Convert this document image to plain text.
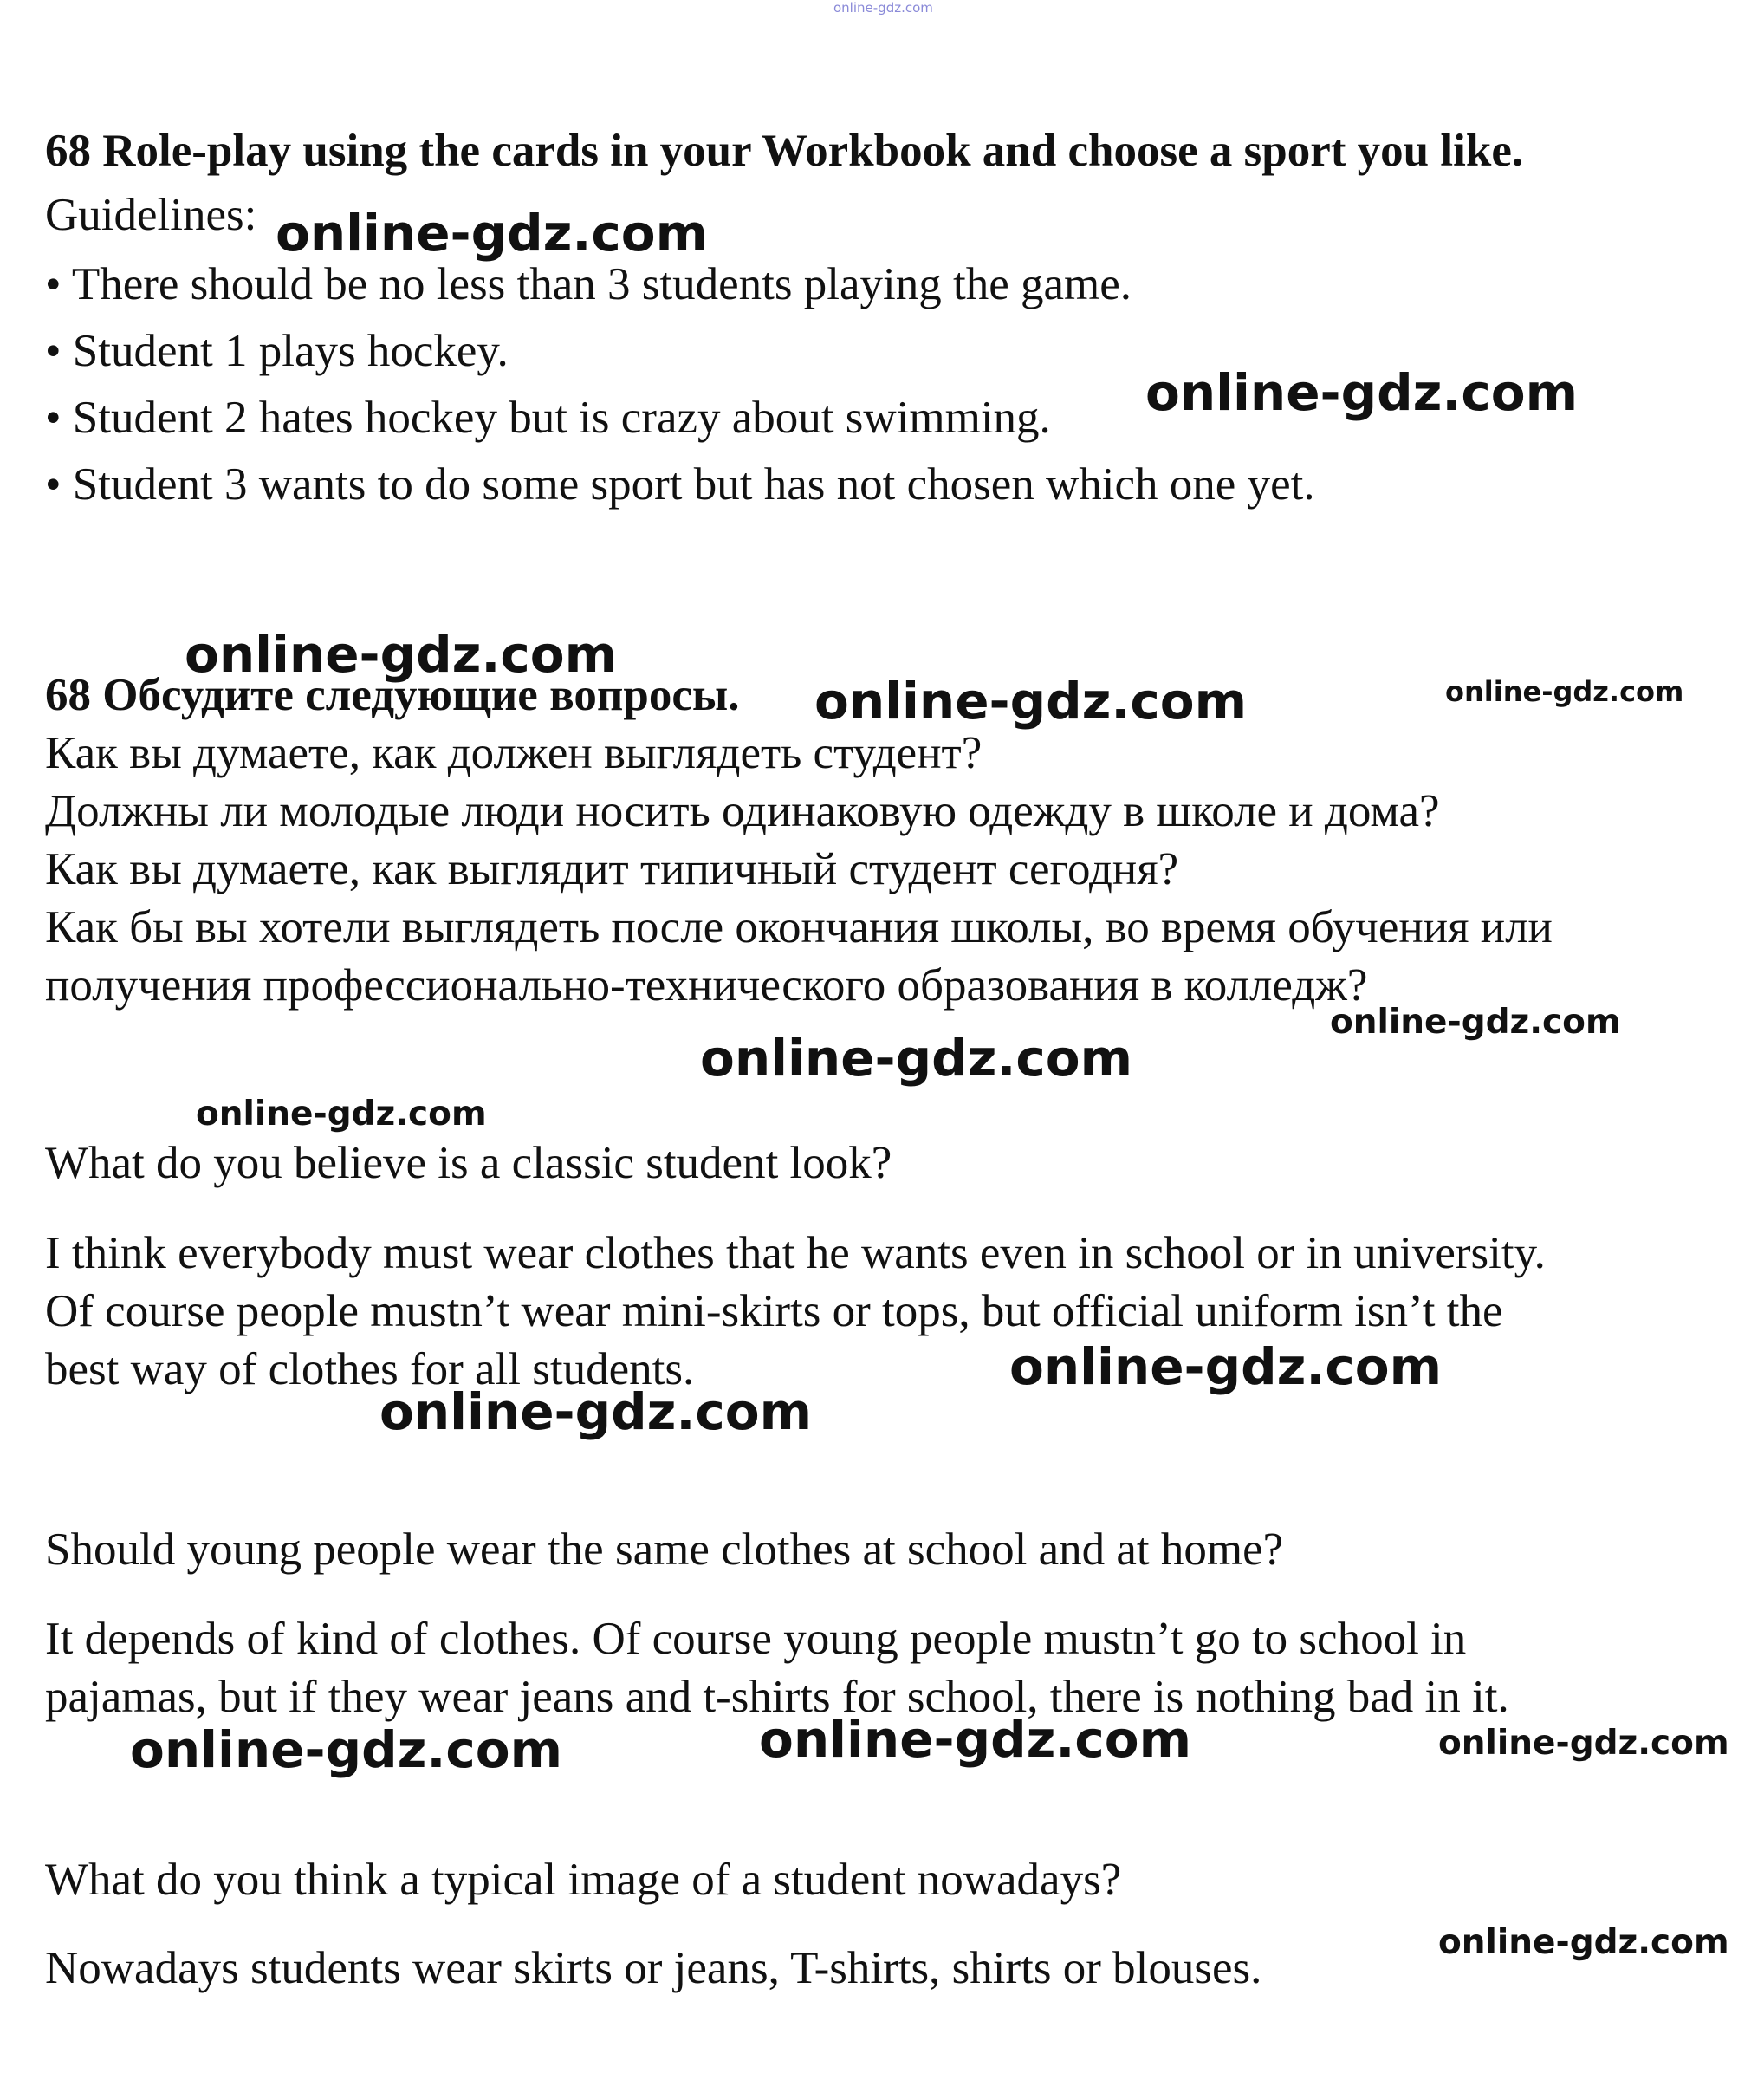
online-gdz.com
68 Role-play using the cards in your Workbook and choose a sport you like.
Guidelines:
• There should be no less than 3 students playing the game.
• Student 1 plays hockey.
• Student 2 hates hockey but is crazy about swimming.
• Student 3 wants to do some sport but has not chosen which one yet.
68 Обсудите следующие вопросы.
Как вы думаете, как должен выглядеть студент?
Должны ли молодые люди носить одинаковую одежду в школе и дома?
Как вы думаете, как выглядит типичный студент сегодня?
Как бы вы хотели выглядеть после окончания школы, во время обучения или
получения профессионально-технического образования в колледж?
What do you believe is a classic student look?
I think everybody must wear clothes that he wants even in school or in university.
Of course people mustn’t wear mini-skirts or tops, but official uniform isn’t the
best way of clothes for all students.
Should young people wear the same clothes at school and at home?
It depends of kind of clothes. Of course young people mustn’t go to school in
pajamas, but if they wear jeans and t-shirts for school, there is nothing bad in it.
What do you think a typical image of a student nowadays?
Nowadays students wear skirts or jeans, T-shirts, shirts or blouses.
online-gdz.com
online-gdz.com
online-gdz.com
online-gdz.com	online-gdz.com
online-gdz.com
online-gdz.com
online-gdz.com
online-gdz.com
online-gdz.com
online-gdz.com
online-gdz.com	online-gdz.com
online-gdz.com
